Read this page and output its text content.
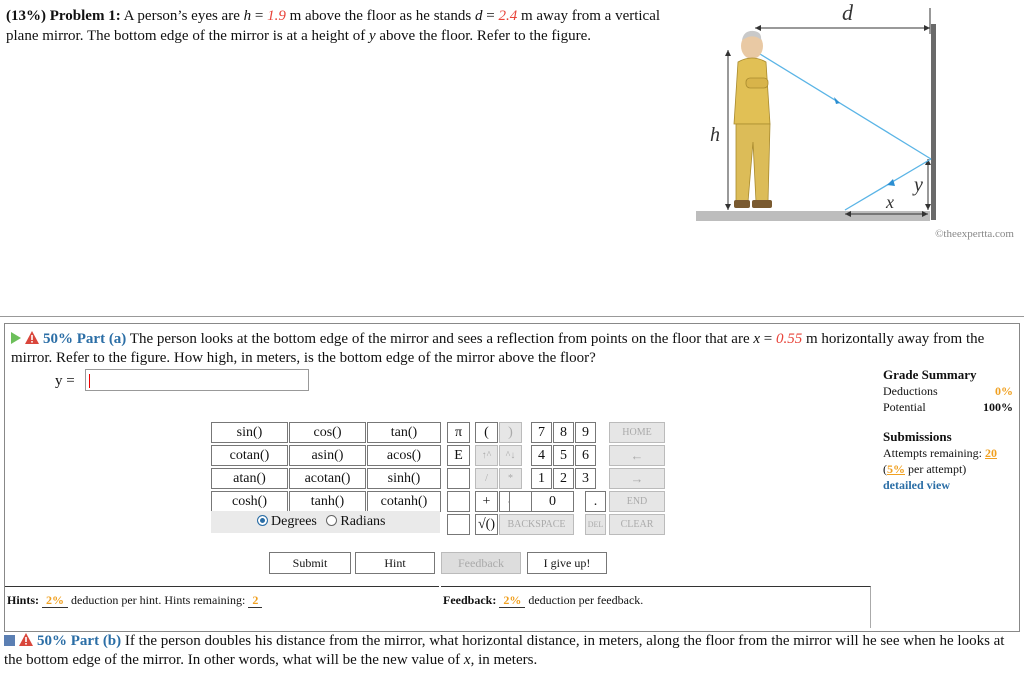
(13%) Problem 1: A person’s eyes are h = 1.9 m above the floor as he stands d = 2.4 m away from a vertical plane mirror. The bottom edge of the mirror is at a height of y above the floor. Refer to the figure.
d
h
y
x
©theexpertta.com
50% Part (a) The person looks at the bottom edge of the mirror and sees a reflection from points on the floor that are x = 0.55 m horizontally away from the mirror. Refer to the figure. How high, in meters, is the bottom edge of the mirror above the floor?
y =	Grade Summary
Deductions	0%
Potential	100%
Submissions
Attempts remaining: 20
(5% per attempt)
detailed view
sin()	cos()	tan()
cotan()	asin()	acos()
atan()	acotan()	sinh()
cosh()	tanh()	cotanh()
Degrees Radians
π	(	)
E	↑^	^↓
/	*
+
√()
7	8	9
4	5	6
1	2	3
0	.
BACKSPACE	DEL
HOME
←
→
END
CLEAR
Submit	Hint	Feedback	I give up!
Hints: 2% deduction per hint. Hints remaining: 2	Feedback: 2% deduction per feedback.
50% Part (b) If the person doubles his distance from the mirror, what horizontal distance, in meters, along the floor from the mirror will he see when he looks at the bottom edge of the mirror. In other words, what will be the new value of x, in meters.
